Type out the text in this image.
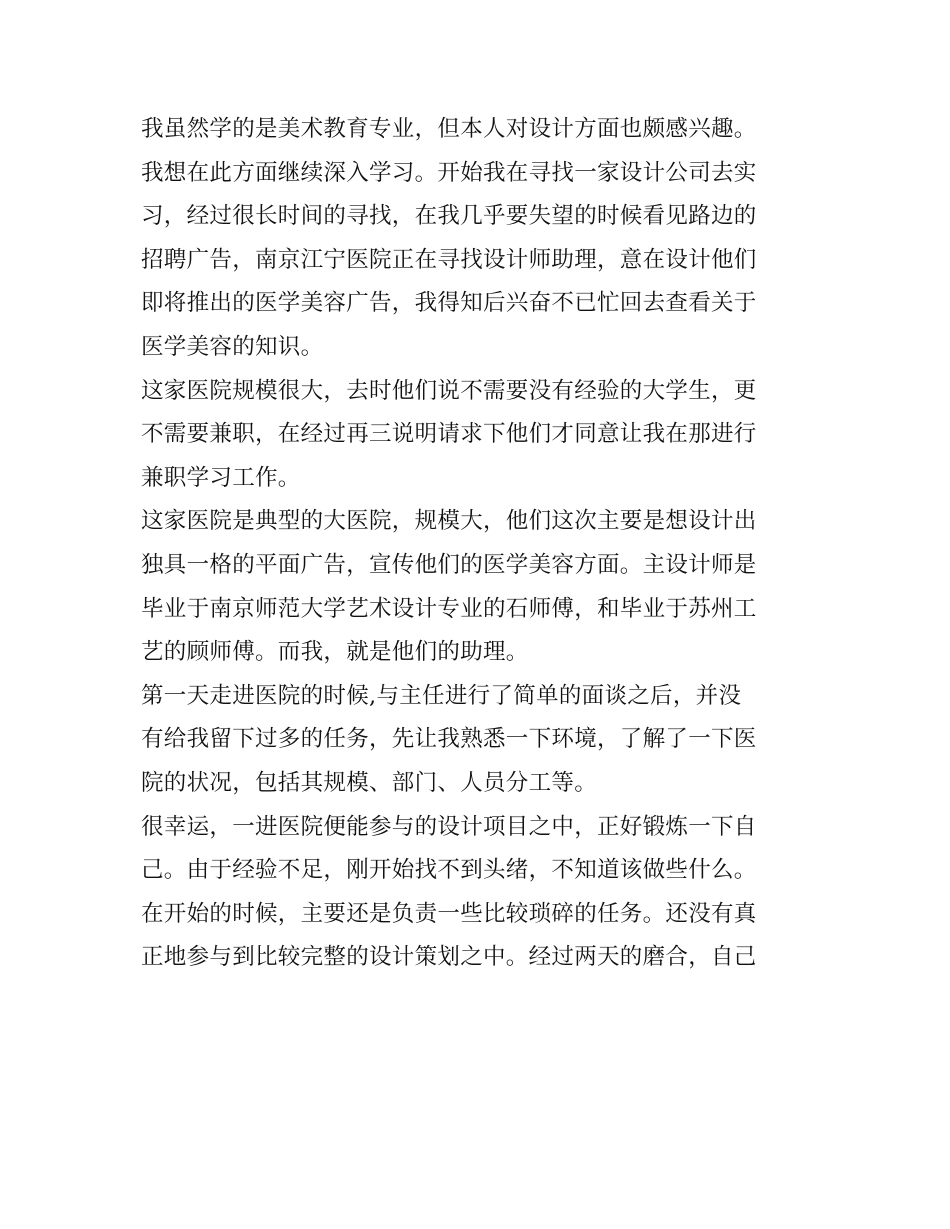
我虽然学的是美术教育专业，但本人对设计方面也颇感兴趣。
我想在此方面继续深入学习。开始我在寻找一家设计公司去实
习，经过很长时间的寻找，在我几乎要失望的时候看见路边的
招聘广告，南京江宁医院正在寻找设计师助理，意在设计他们
即将推出的医学美容广告，我得知后兴奋不已忙回去查看关于
医学美容的知识。
这家医院规模很大，去时他们说不需要没有经验的大学生，更
不需要兼职，在经过再三说明请求下他们才同意让我在那进行
兼职学习工作。
这家医院是典型的大医院，规模大，他们这次主要是想设计出
独具一格的平面广告，宣传他们的医学美容方面。主设计师是
毕业于南京师范大学艺术设计专业的石师傅，和毕业于苏州工
艺的顾师傅。而我，就是他们的助理。
第一天走进医院的时候,与主任进行了简单的面谈之后，并没
有给我留下过多的任务，先让我熟悉一下环境，了解了一下医
院的状况，包括其规模、部门、人员分工等。
很幸运，一进医院便能参与的设计项目之中，正好锻炼一下自
己。由于经验不足，刚开始找不到头绪，不知道该做些什么。
在开始的时候，主要还是负责一些比较琐碎的任务。还没有真
正地参与到比较完整的设计策划之中。经过两天的磨合，自己
